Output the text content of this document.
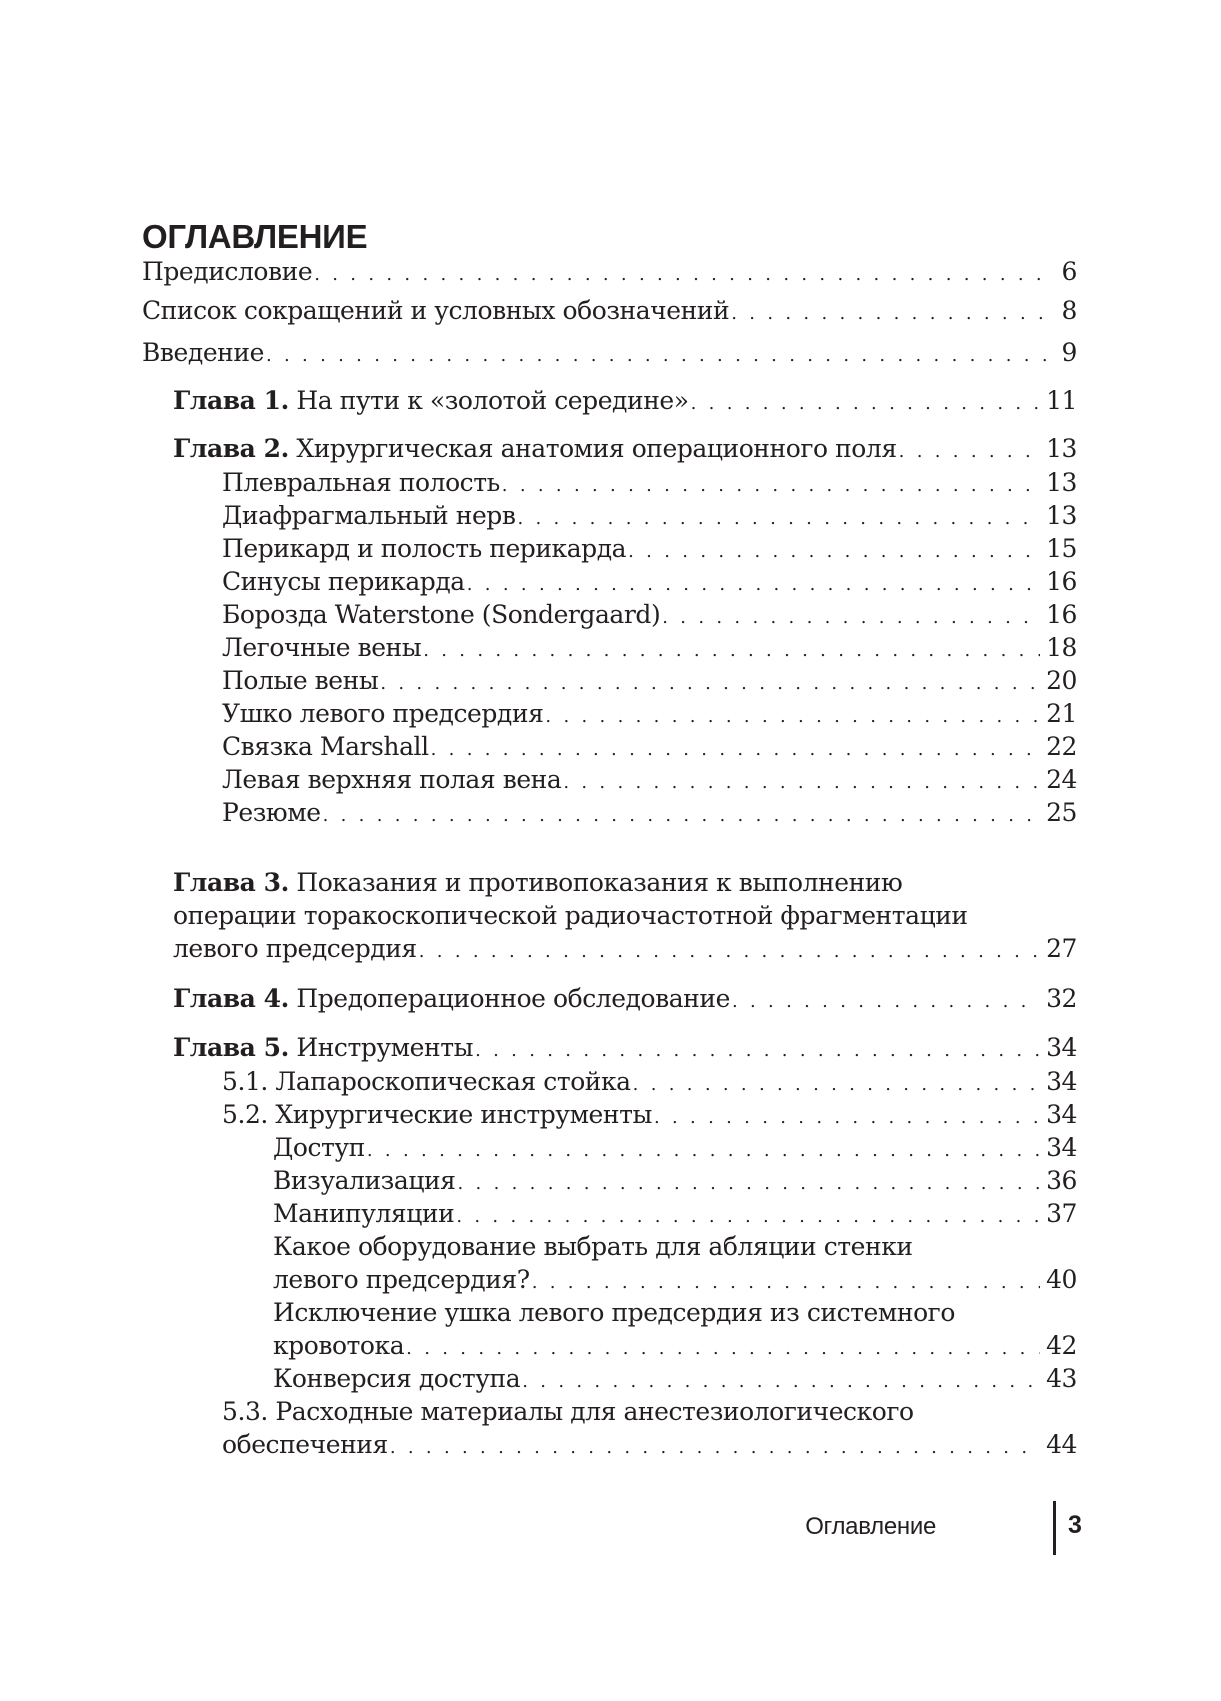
ОГЛАВЛЕНИЕ
Предисловие . . .	6
Список сокращений и условных обозначений . . .	8
Введение . . .	9
Глава 1. На пути к «золотой середине» . . .	11
Глава 2. Хирургическая анатомия операционного поля . . .	13
Плевральная полость . . .	13
Диафрагмальный нерв . . .	13
Перикард и полость перикарда . . .	15
Синусы перикарда . . .	16
Борозда Waterstone (Sondergaard) . . .	16
Легочные вены . . .	18
Полые вены . . .	20
Ушко левого предсердия . . .	21
Связка Marshall . . .	22
Левая верхняя полая вена . . .	24
Резюме . . .	25
Глава 3. Показания и противопоказания к выполнению
операции торакоскопической радиочастотной фрагментации
левого предсердия . . .	27
Глава 4. Предоперационное обследование . . .	32
Глава 5. Инструменты . . .	34
5.1. Лапароскопическая стойка . . .	34
5.2. Хирургические инструменты . . .	34
Доступ . . .	34
Визуализация . . .	36
Манипуляции . . .	37
Какое оборудование выбрать для абляции стенки
левого предсердия? . . .	40
Исключение ушка левого предсердия из системного
кровотока . . .	42
Конверсия доступа . . .	43
5.3. Расходные материалы для анестезиологического
обеспечения . . .	44
Оглавление	3
